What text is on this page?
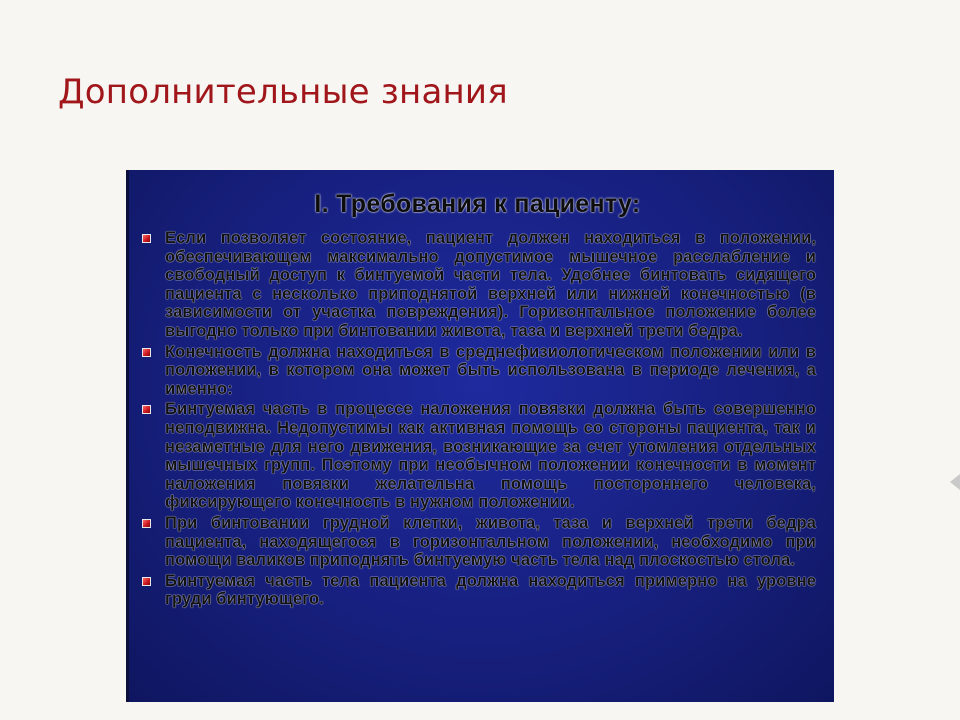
Дополнительные знания
I. Требования к пациенту:
Если позволяет состояние, пациент должен находиться в положении, обеспечивающем максимально допустимое мышечное расслабление и свободный доступ к бинтуемой части тела. Удобнее бинтовать сидящего пациента с несколько приподнятой верхней или нижней конечностью (в зависимости от участка повреждения). Горизонтальное положение более выгодно только при бинтовании живота, таза и верхней трети бедра.
Конечность должна находиться в среднефизиологическом положении или в положении, в котором она может быть использована в периоде лечения, а именно:
Бинтуемая часть в процессе наложения повязки должна быть совершенно неподвижна. Недопустимы как активная помощь со стороны пациента, так и незаметные для него движения, возникающие за счет утомления отдельных мышечных групп. Поэтому при необычном положении конечности в момент наложения повязки желательна помощь постороннего человека, фиксирующего конечность в нужном положении.
При бинтовании грудной клетки, живота, таза и верхней трети бедра пациента, находящегося в горизонтальном положении, необходимо при помощи валиков приподнять бинтуемую часть тела над плоскостью стола.
Бинтуемая часть тела пациента должна находиться примерно на уровне груди бинтующего.
